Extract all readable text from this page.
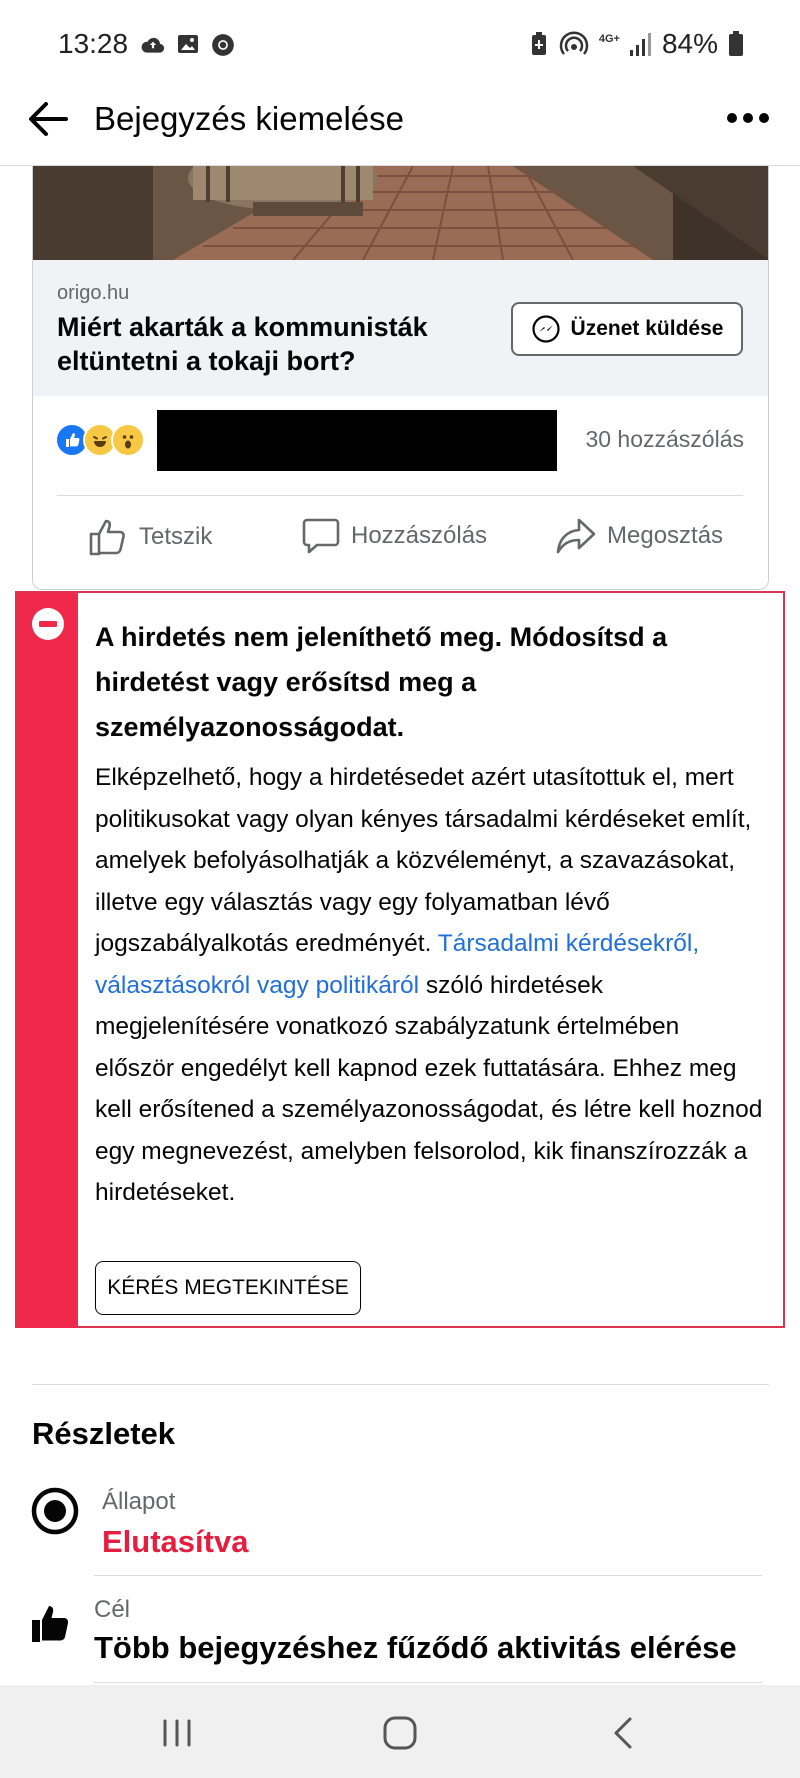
13:28	4G+ 84%
Bejegyzés kiemelése
origo.hu
Miért akarták a kommunisták eltüntetni a tokaji bort?
Üzenet küldése
30 hozzászólás
Tetszik	Hozzászólás	Megosztás
A hirdetés nem jeleníthető meg. Módosítsd a hirdetést vagy erősítsd meg a személyazonosságodat.
Elképzelhető, hogy a hirdetésedet azért utasítottuk el, mert politikusokat vagy olyan kényes társadalmi kérdéseket említ, amelyek befolyásolhatják a közvéleményt, a szavazásokat, illetve egy választás vagy egy folyamatban lévő jogszabályalkotás eredményét. Társadalmi kérdésekről, választásokról vagy politikáról szóló hirdetések megjelenítésére vonatkozó szabályzatunk értelmében először engedélyt kell kapnod ezek futtatására. Ehhez meg kell erősítened a személyazonosságodat, és létre kell hoznod egy megnevezést, amelyben felsorolod, kik finanszírozzák a hirdetéseket.
KÉRÉS MEGTEKINTÉSE
Részletek
Állapot
Elutasítva
Cél
Több bejegyzéshez fűződő aktivitás elérése
